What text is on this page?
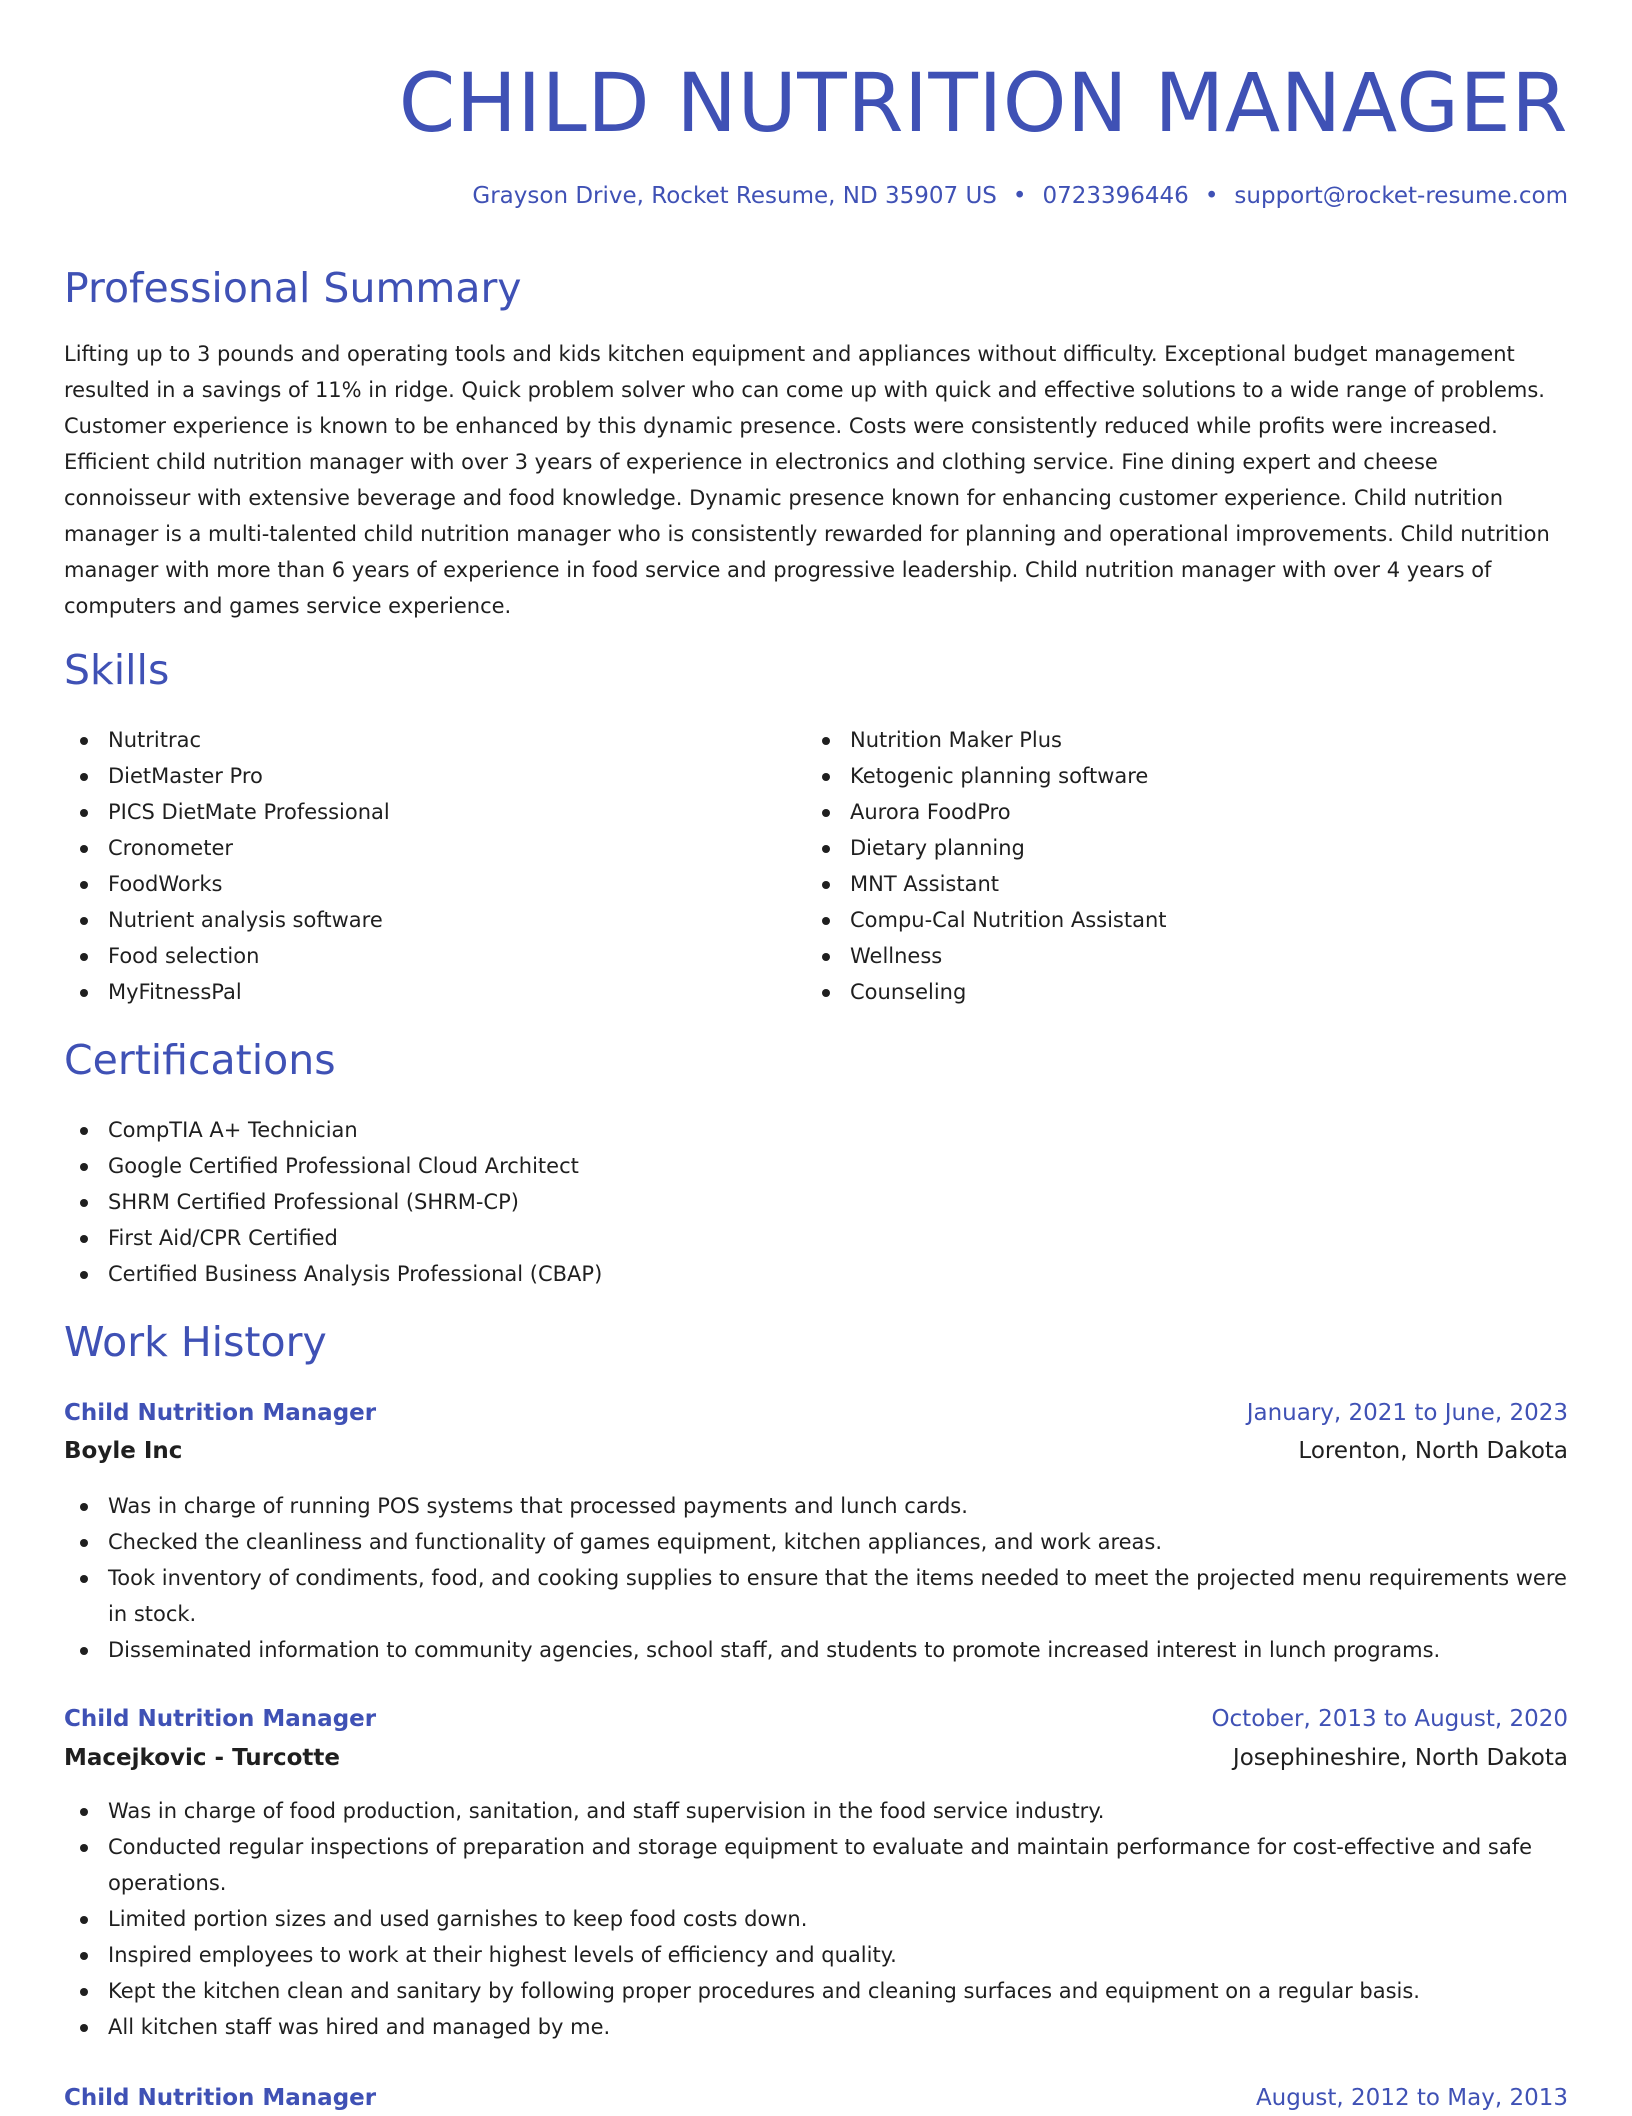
CHILD NUTRITION MANAGER
Grayson Drive, Rocket Resume, ND 35907 US • 0723396446 • support@rocket-resume.com
Professional Summary

Lifting up to 3 pounds and operating tools and kids kitchen equipment and appliances without difficulty. Exceptional budget management resulted in a savings of 11% in ridge. Quick problem solver who can come up with quick and effective solutions to a wide range of problems. Customer experience is known to be enhanced by this dynamic presence. Costs were consistently reduced while profits were increased. Efficient child nutrition manager with over 3 years of experience in electronics and clothing service. Fine dining expert and cheese connoisseur with extensive beverage and food knowledge. Dynamic presence known for enhancing customer experience. Child nutrition manager is a multi-talented child nutrition manager who is consistently rewarded for planning and operational improvements. Child nutrition manager with more than 6 years of experience in food service and progressive leadership. Child nutrition manager with over 4 years of computers and games service experience.

Skills
Nutritrac
DietMaster Pro
PICS DietMate Professional
Cronometer
FoodWorks
Nutrient analysis software
Food selection
MyFitnessPal
Nutrition Maker Plus
Ketogenic planning software
Aurora FoodPro
Dietary planning
MNT Assistant
Compu-Cal Nutrition Assistant
Wellness
Counseling
Certifications
CompTIA A+ Technician
Google Certified Professional Cloud Architect
SHRM Certified Professional (SHRM-CP)
First Aid/CPR Certified
Certified Business Analysis Professional (CBAP)
Work History
Child Nutrition Manager	January, 2021 to June, 2023
Boyle Inc	Lorenton, North Dakota
Was in charge of running POS systems that processed payments and lunch cards.
Checked the cleanliness and functionality of games equipment, kitchen appliances, and work areas.
Took inventory of condiments, food, and cooking supplies to ensure that the items needed to meet the projected menu requirements were in stock.
Disseminated information to community agencies, school staff, and students to promote increased interest in lunch programs.
Child Nutrition Manager	October, 2013 to August, 2020
Macejkovic - Turcotte	Josephineshire, North Dakota
Was in charge of food production, sanitation, and staff supervision in the food service industry.
Conducted regular inspections of preparation and storage equipment to evaluate and maintain performance for cost-effective and safe operations.
Limited portion sizes and used garnishes to keep food costs down.
Inspired employees to work at their highest levels of efficiency and quality.
Kept the kitchen clean and sanitary by following proper procedures and cleaning surfaces and equipment on a regular basis.
All kitchen staff was hired and managed by me.
Child Nutrition Manager	August, 2012 to May, 2013
